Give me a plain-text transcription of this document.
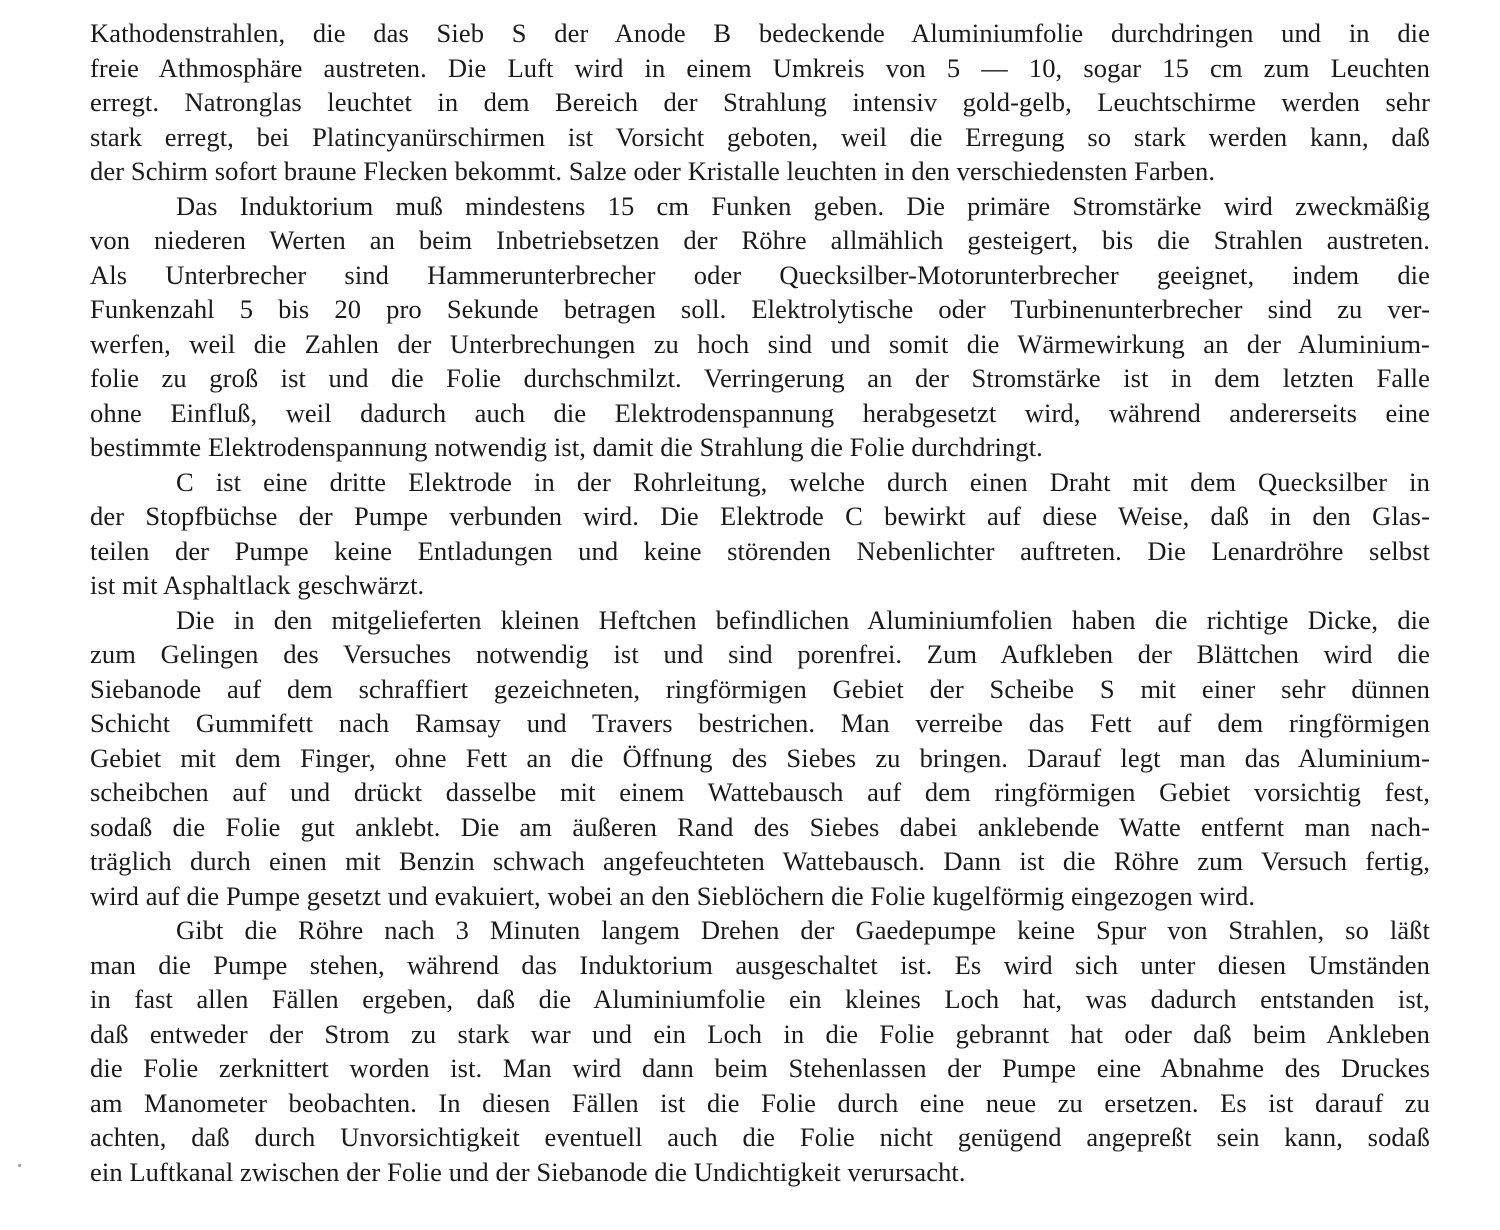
Kathodenstrahlen, die das Sieb S der Anode B bedeckende Aluminiumfolie durchdringen und in die
freie Athmosphäre austreten. Die Luft wird in einem Umkreis von 5 — 10, sogar 15 cm zum Leuchten
erregt. Natronglas leuchtet in dem Bereich der Strahlung intensiv gold-gelb, Leuchtschirme werden sehr
stark erregt, bei Platincyanürschirmen ist Vorsicht geboten, weil die Erregung so stark werden kann, daß
der Schirm sofort braune Flecken bekommt. Salze oder Kristalle leuchten in den verschiedensten Farben.
Das Induktorium muß mindestens 15 cm Funken geben. Die primäre Stromstärke wird zweckmäßig
von niederen Werten an beim Inbetriebsetzen der Röhre allmählich gesteigert, bis die Strahlen austreten.
Als Unterbrecher sind Hammerunterbrecher oder Quecksilber-Motorunterbrecher geeignet, indem die
Funkenzahl 5 bis 20 pro Sekunde betragen soll. Elektrolytische oder Turbinenunterbrecher sind zu ver-
werfen, weil die Zahlen der Unterbrechungen zu hoch sind und somit die Wärmewirkung an der Aluminium-
folie zu groß ist und die Folie durchschmilzt. Verringerung an der Stromstärke ist in dem letzten Falle
ohne Einfluß, weil dadurch auch die Elektrodenspannung herabgesetzt wird, während andererseits eine
bestimmte Elektrodenspannung notwendig ist, damit die Strahlung die Folie durchdringt.
C ist eine dritte Elektrode in der Rohrleitung, welche durch einen Draht mit dem Quecksilber in
der Stopfbüchse der Pumpe verbunden wird. Die Elektrode C bewirkt auf diese Weise, daß in den Glas-
teilen der Pumpe keine Entladungen und keine störenden Nebenlichter auftreten. Die Lenardröhre selbst
ist mit Asphaltlack geschwärzt.
Die in den mitgelieferten kleinen Heftchen befindlichen Aluminiumfolien haben die richtige Dicke, die
zum Gelingen des Versuches notwendig ist und sind porenfrei. Zum Aufkleben der Blättchen wird die
Siebanode auf dem schraffiert gezeichneten, ringförmigen Gebiet der Scheibe S mit einer sehr dünnen
Schicht Gummifett nach Ramsay und Travers bestrichen. Man verreibe das Fett auf dem ringförmigen
Gebiet mit dem Finger, ohne Fett an die Öffnung des Siebes zu bringen. Darauf legt man das Aluminium-
scheibchen auf und drückt dasselbe mit einem Wattebausch auf dem ringförmigen Gebiet vorsichtig fest,
sodaß die Folie gut anklebt. Die am äußeren Rand des Siebes dabei anklebende Watte entfernt man nach-
träglich durch einen mit Benzin schwach angefeuchteten Wattebausch. Dann ist die Röhre zum Versuch fertig,
wird auf die Pumpe gesetzt und evakuiert, wobei an den Sieblöchern die Folie kugelförmig eingezogen wird.
Gibt die Röhre nach 3 Minuten langem Drehen der Gaedepumpe keine Spur von Strahlen, so läßt
man die Pumpe stehen, während das Induktorium ausgeschaltet ist. Es wird sich unter diesen Umständen
in fast allen Fällen ergeben, daß die Aluminiumfolie ein kleines Loch hat, was dadurch entstanden ist,
daß entweder der Strom zu stark war und ein Loch in die Folie gebrannt hat oder daß beim Ankleben
die Folie zerknittert worden ist. Man wird dann beim Stehenlassen der Pumpe eine Abnahme des Druckes
am Manometer beobachten. In diesen Fällen ist die Folie durch eine neue zu ersetzen. Es ist darauf zu
achten, daß durch Unvorsichtigkeit eventuell auch die Folie nicht genügend angepreßt sein kann, sodaß
ein Luftkanal zwischen der Folie und der Siebanode die Undichtigkeit verursacht.
